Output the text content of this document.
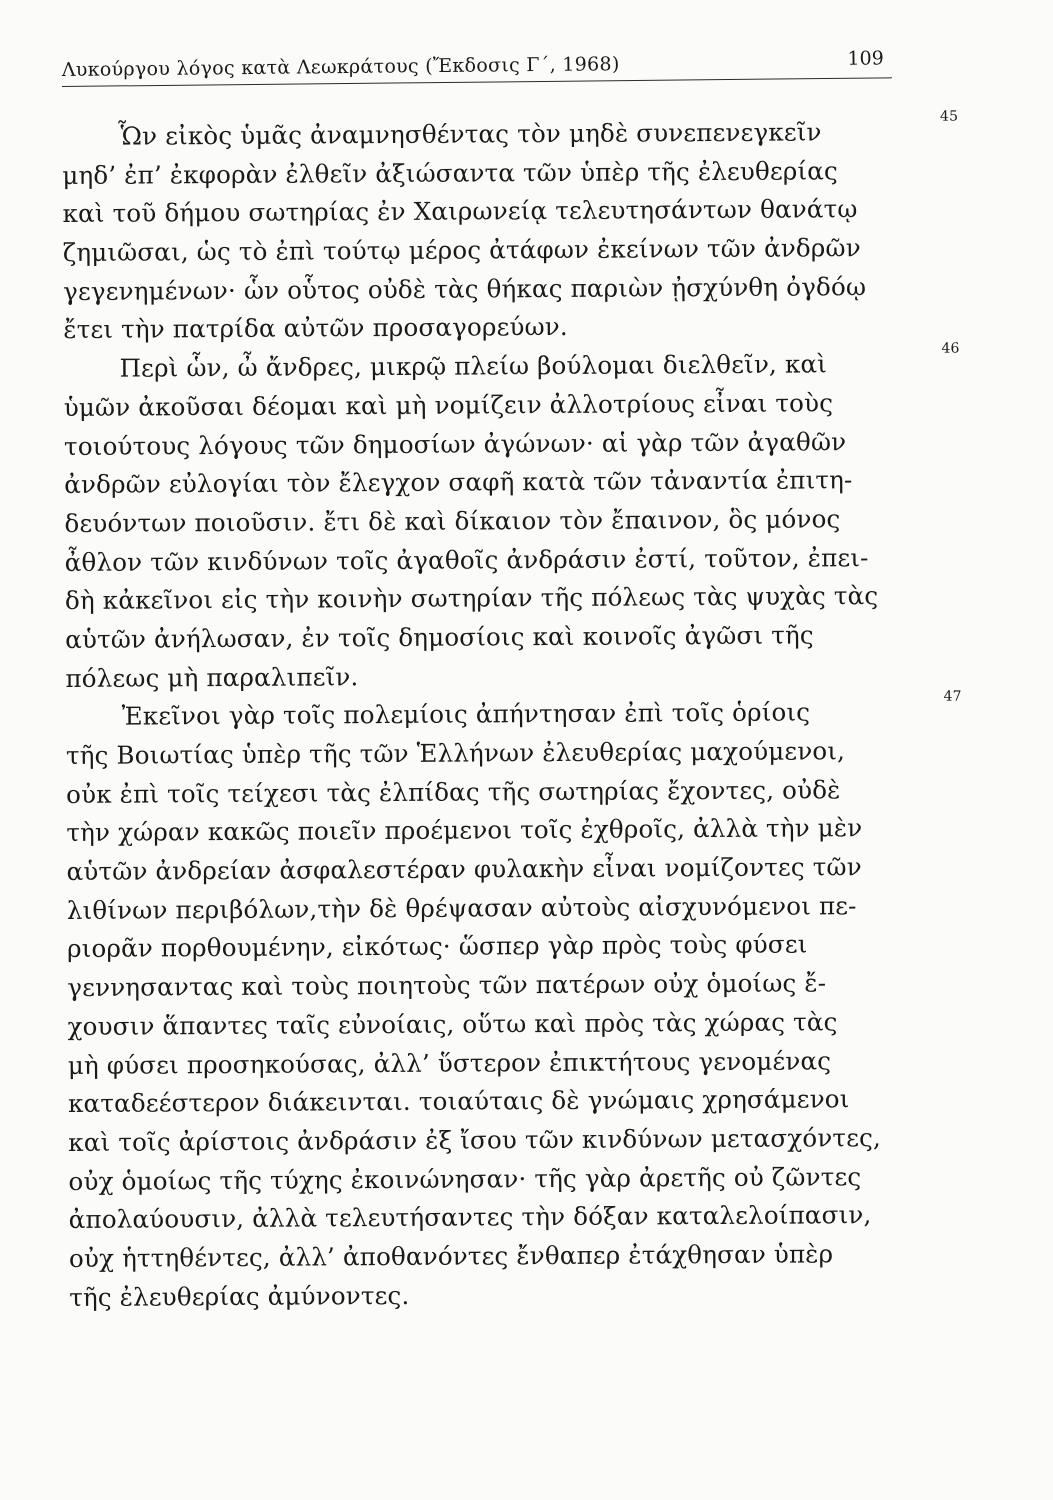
Λυκούργου λόγος κατὰ Λεωκράτους (Ἔκδοσις Γ΄, 1968)	109
Ὧν εἰκὸς ὑμᾶς ἀναμνησθέντας τὸν μηδὲ συνεπενεγκεῖν
45
μηδ’ ἐπ’ ἐκφορὰν ἐλθεῖν ἀξιώσαντα τῶν ὑπὲρ τῆς ἐλευθερίας
καὶ τοῦ δήμου σωτηρίας ἐν Χαιρωνείᾳ τελευτησάντων θανάτῳ
ζημιῶσαι, ὡς τὸ ἐπὶ τούτῳ μέρος ἀτάφων ἐκείνων τῶν ἀνδρῶν
γεγενημένων· ὧν οὗτος οὐδὲ τὰς θήκας παριὼν ᾐσχύνθη ὀγδόῳ
ἔτει τὴν πατρίδα αὐτῶν προσαγορεύων.
Περὶ ὧν, ὦ ἄνδρες, μικρῷ πλείω βούλομαι διελθεῖν, καὶ
46
ὑμῶν ἀκοῦσαι δέομαι καὶ μὴ νομίζειν ἀλλοτρίους εἶναι τοὺς
τοιούτους λόγους τῶν δημοσίων ἀγώνων· αἱ γὰρ τῶν ἀγαθῶν
ἀνδρῶν εὐλογίαι τὸν ἔλεγχον σαφῆ κατὰ τῶν τἀναντία ἐπιτη-
δευόντων ποιοῦσιν. ἔτι δὲ καὶ δίκαιον τὸν ἔπαινον, ὃς μόνος
ἆθλον τῶν κινδύνων τοῖς ἀγαθοῖς ἀνδράσιν ἐστί, τοῦτον, ἐπει-
δὴ κἀκεῖνοι εἰς τὴν κοινὴν σωτηρίαν τῆς πόλεως τὰς ψυχὰς τὰς
αὑτῶν ἀνήλωσαν, ἐν τοῖς δημοσίοις καὶ κοινοῖς ἀγῶσι τῆς
πόλεως μὴ παραλιπεῖν.
Ἐκεῖνοι γὰρ τοῖς πολεμίοις ἀπήντησαν ἐπὶ τοῖς ὁρίοις
47
τῆς Βοιωτίας ὑπὲρ τῆς τῶν Ἑλλήνων ἐλευθερίας μαχούμενοι,
οὐκ ἐπὶ τοῖς τείχεσι τὰς ἐλπίδας τῆς σωτηρίας ἔχοντες, οὐδὲ
τὴν χώραν κακῶς ποιεῖν προέμενοι τοῖς ἐχθροῖς, ἀλλὰ τὴν μὲν
αὑτῶν ἀνδρείαν ἀσφαλεστέραν φυλακὴν εἶναι νομίζοντες τῶν
λιθίνων περιβόλων,τὴν δὲ θρέψασαν αὐτοὺς αἰσχυνόμενοι πε-
ριορᾶν πορθουμένην, εἰκότως· ὥσπερ γὰρ πρὸς τοὺς φύσει
γεννησαντας καὶ τοὺς ποιητοὺς τῶν πατέρων οὐχ ὁμοίως ἔ-
χουσιν ἅπαντες ταῖς εὐνοίαις, οὕτω καὶ πρὸς τὰς χώρας τὰς
μὴ φύσει προσηκούσας, ἀλλ’ ὕστερον ἐπικτήτους γενομένας
καταδεέστερον διάκεινται. τοιαύταις δὲ γνώμαις χρησάμενοι
καὶ τοῖς ἀρίστοις ἀνδράσιν ἐξ ἴσου τῶν κινδύνων μετασχόντες,
οὐχ ὁμοίως τῆς τύχης ἐκοινώνησαν· τῆς γὰρ ἀρετῆς οὐ ζῶντες
ἀπολαύουσιν, ἀλλὰ τελευτήσαντες τὴν δόξαν καταλελοίπασιν,
οὐχ ἡττηθέντες, ἀλλ’ ἀποθανόντες ἔνθαπερ ἐτάχθησαν ὑπὲρ
τῆς ἐλευθερίας ἀμύνοντες.
